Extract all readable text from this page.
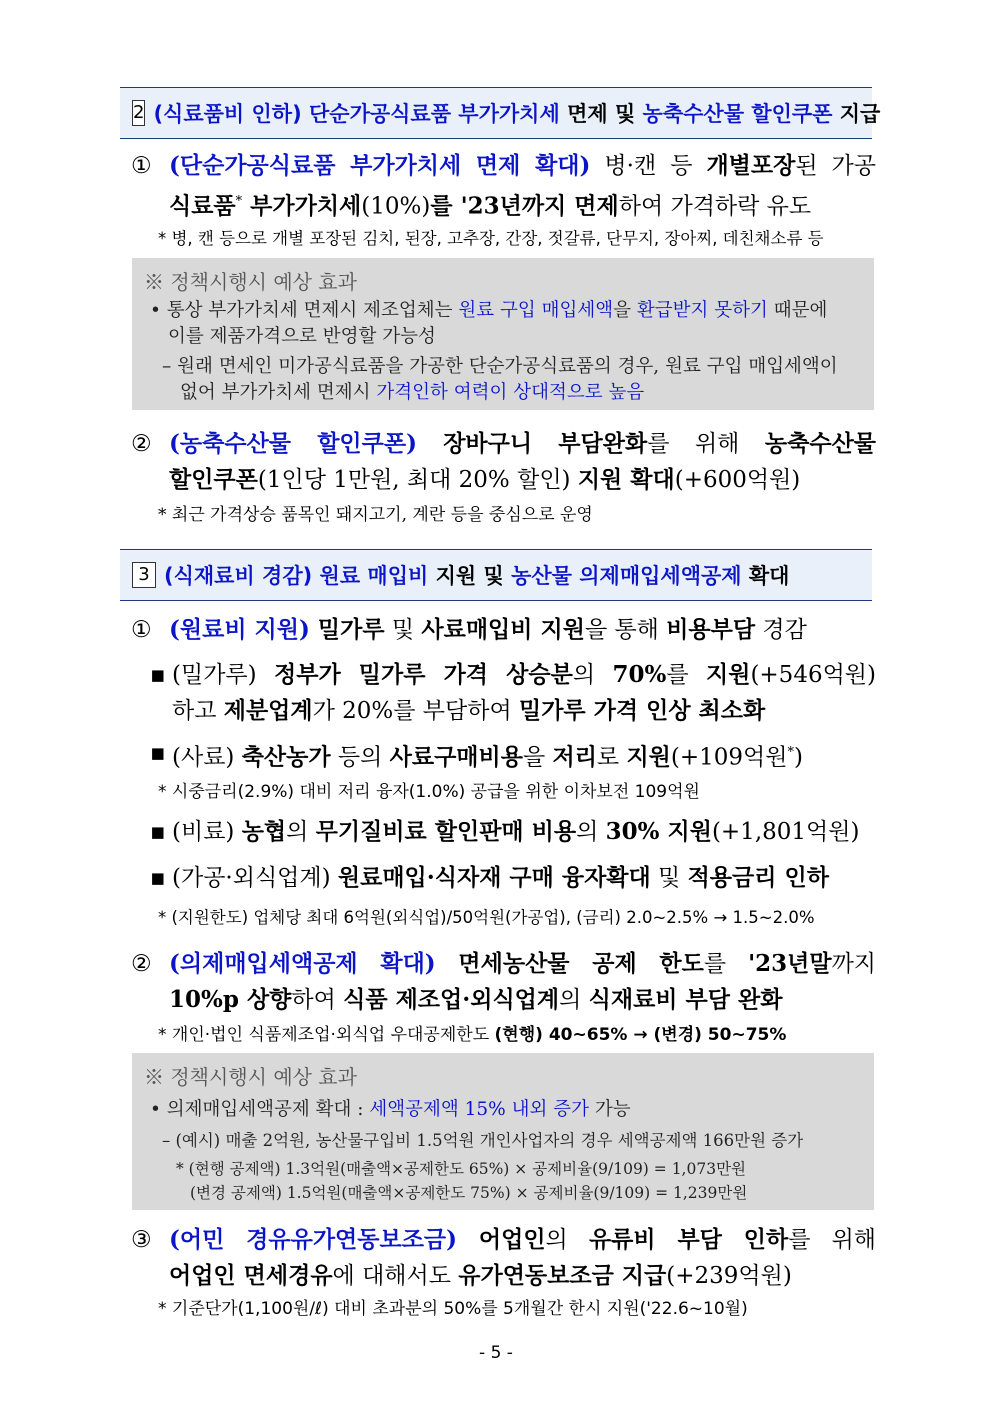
2 (식료품비 인하)
단순가공식료품 부가가치세
면제 및
농축수산물 할인쿠폰
지급
① (단순가공식료품 부가가치세 면제 확대) 병·캔 등 개별포장된 가공
식료품* 부가가치세(10%)를 '23년까지 면제하여 가격하락 유도
* 병, 캔 등으로 개별 포장된 김치, 된장, 고추장, 간장, 젓갈류, 단무지, 장아찌, 데친채소류 등
※ 정책시행시 예상 효과
• 통상 부가가치세 면제시 제조업체는 원료 구입 매입세액을 환급받지 못하기 때문에
이를 제품가격으로 반영할 가능성
– 원래 면세인 미가공식료품을 가공한 단순가공식료품의 경우, 원료 구입 매입세액이
없어 부가가치세 면제시 가격인하 여력이 상대적으로 높음
② (농축수산물 할인쿠폰) 장바구니 부담완화를 위해 농축수산물
할인쿠폰(1인당 1만원, 최대 20% 할인) 지원 확대(+600억원)
* 최근 가격상승 품목인 돼지고기, 계란 등을 중심으로 운영
3 (식재료비 경감)
원료 매입비
지원 및
농산물 의제매입세액공제
확대
① (원료비 지원) 밀가루 및 사료매입비 지원을 통해 비용부담 경감
▪ (밀가루) 정부가 밀가루 가격 상승분의 70%를 지원(+546억원)
하고 제분업계가 20%를 부담하여 밀가루 가격 인상 최소화
▪ (사료) 축산농가 등의 사료구매비용을 저리로 지원(+109억원*)
* 시중금리(2.9%) 대비 저리 융자(1.0%) 공급을 위한 이차보전 109억원
▪ (비료) 농협의 무기질비료 할인판매 비용의 30% 지원(+1,801억원)
▪ (가공·외식업계) 원료매입·식자재 구매 융자확대 및 적용금리 인하
* (지원한도) 업체당 최대 6억원(외식업)/50억원(가공업), (금리) 2.0~2.5% → 1.5~2.0%
② (의제매입세액공제 확대) 면세농산물 공제 한도를 '23년말까지
10%p 상향하여 식품 제조업·외식업계의 식재료비 부담 완화
* 개인·법인 식품제조업·외식업 우대공제한도 (현행) 40~65% → (변경) 50~75%
※ 정책시행시 예상 효과
• 의제매입세액공제 확대 : 세액공제액 15% 내외 증가 가능
– (예시) 매출 2억원, 농산물구입비 1.5억원 개인사업자의 경우 세액공제액 166만원 증가
* (현행 공제액) 1.3억원(매출액×공제한도 65%) × 공제비율(9/109) = 1,073만원
(변경 공제액) 1.5억원(매출액×공제한도 75%) × 공제비율(9/109) = 1,239만원
③ (어민 경유유가연동보조금) 어업인의 유류비 부담 인하를 위해
어업인 면세경유에 대해서도 유가연동보조금 지급(+239억원)
* 기준단가(1,100원/ℓ) 대비 초과분의 50%를 5개월간 한시 지원('22.6~10월)
- 5 -
